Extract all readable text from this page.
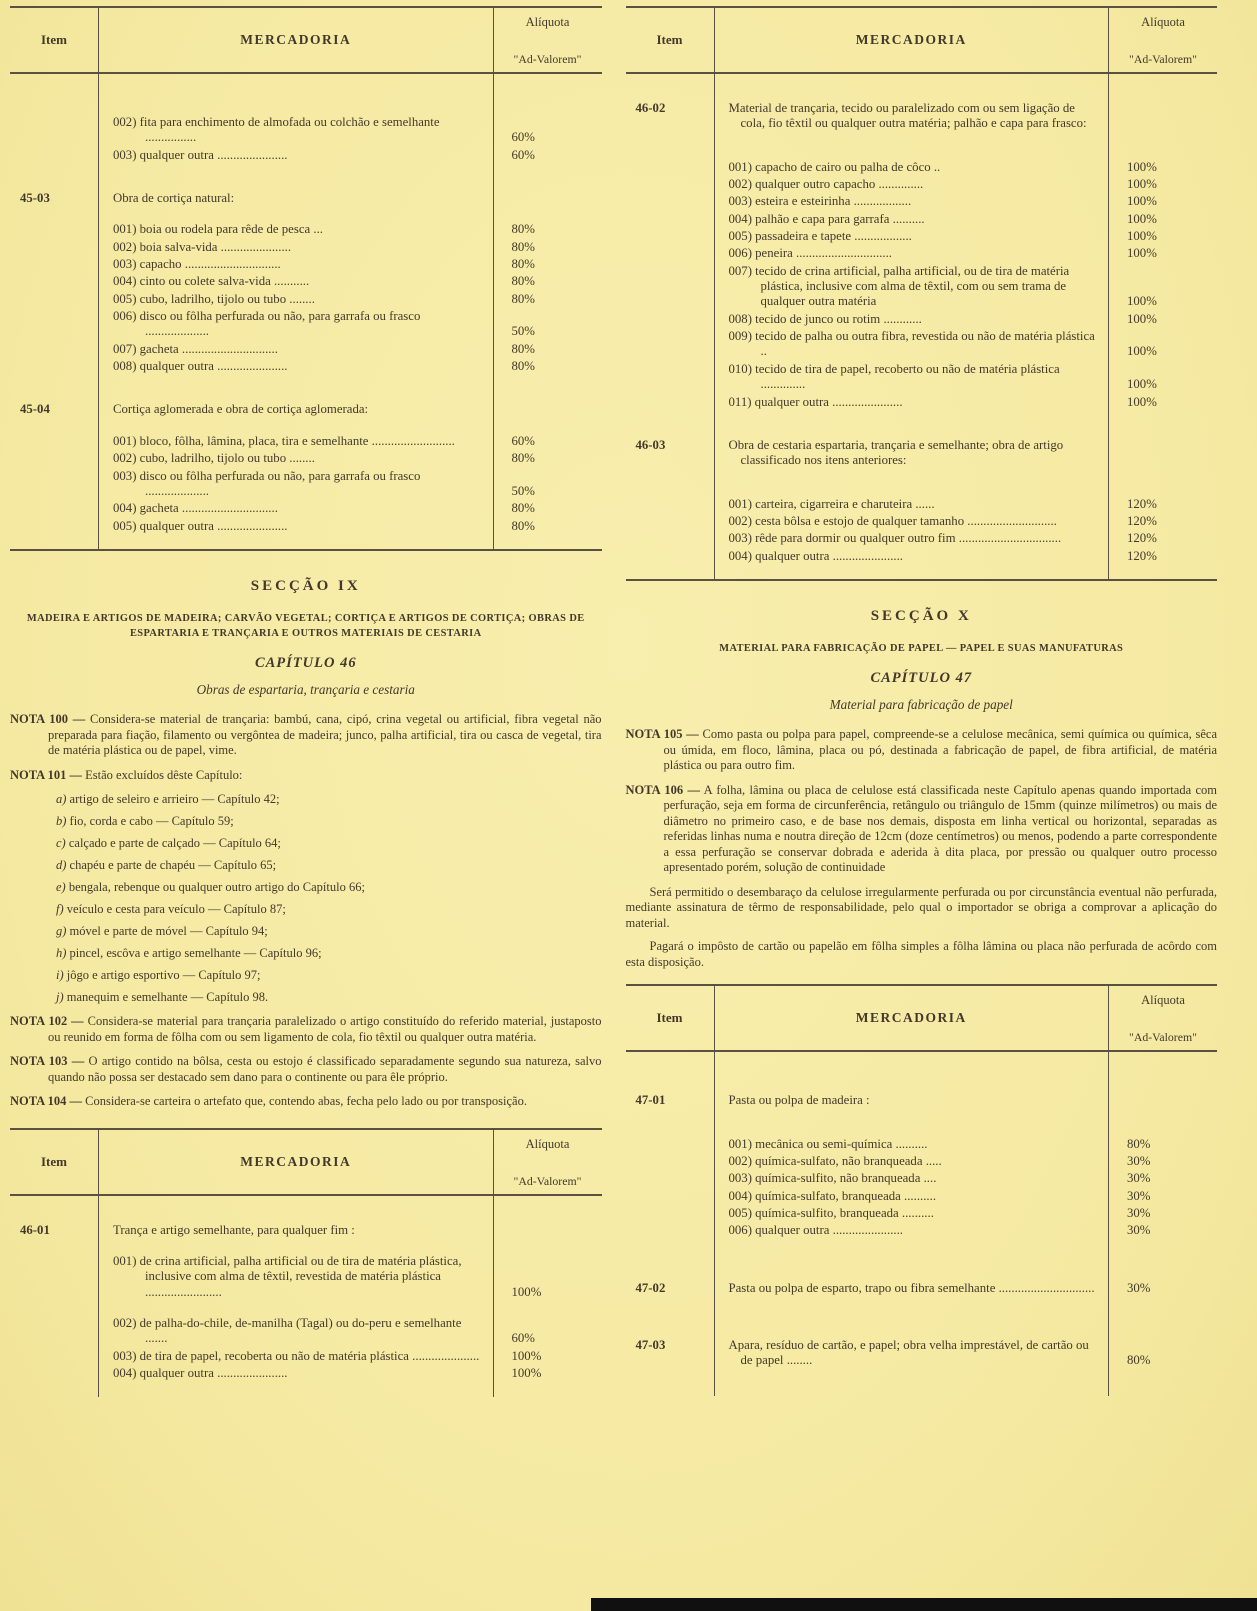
Item	MERCADORIA
Alíquota
"Ad-Valorem"
002) fita para enchimento de almofada ou colchão e semelhante ................	60%
003) qualquer outra ......................	60%
45-03	Obra de cortiça natural:
001) boia ou rodela para rêde de pesca ...	80%
002) boia salva-vida ......................	80%
003) capacho ..............................	80%
004) cinto ou colete salva-vida ...........	80%
005) cubo, ladrilho, tijolo ou tubo ........	80%
006) disco ou fôlha perfurada ou não, para garrafa ou frasco ....................	50%
007) gacheta ..............................	80%
008) qualquer outra ......................	80%
45-04	Cortiça aglomerada e obra de cortiça aglomerada:
001) bloco, fôlha, lâmina, placa, tira e semelhante ..........................	60%
002) cubo, ladrilho, tijolo ou tubo ........	80%
003) disco ou fôlha perfurada ou não, para garrafa ou frasco ....................	50%
004) gacheta ..............................	80%
005) qualquer outra ......................	80%
SECÇÃO IX
MADEIRA E ARTIGOS DE MADEIRA; CARVÃO VEGETAL; CORTIÇA E ARTIGOS DE CORTIÇA; OBRAS DE ESPARTARIA E TRANÇARIA E OUTROS MATERIAIS DE CESTARIA
CAPÍTULO 46
Obras de espartaria, trançaria e cestaria

NOTA 100 — Considera-se material de trançaria: bambú, cana, cipó, crina vegetal ou artificial, fibra vegetal não preparada para fiação, filamento ou vergôntea de madeira; junco, palha artificial, tira ou casca de vegetal, tira de matéria plástica ou de papel, vime.

NOTA 101 — Estão excluídos dêste Capítulo:

a) artigo de seleiro e arrieiro — Capítulo 42;
b) fio, corda e cabo — Capítulo 59;
c) calçado e parte de calçado — Capítulo 64;
d) chapéu e parte de chapéu — Capítulo 65;
e) bengala, rebenque ou qualquer outro artigo do Capítulo 66;
f) veículo e cesta para veículo — Capítulo 87;
g) móvel e parte de móvel — Capítulo 94;
h) pincel, escôva e artigo semelhante — Capítulo 96;
i) jôgo e artigo esportivo — Capítulo 97;
j) manequim e semelhante — Capítulo 98.

NOTA 102 — Considera-se material para trançaria paralelizado o artigo constituído do referido material, justaposto ou reunido em forma de fôlha com ou sem ligamento de cola, fio têxtil ou qualquer outra matéria.

NOTA 103 — O artigo contido na bôlsa, cesta ou estojo é classificado separadamente segundo sua natureza, salvo quando não possa ser destacado sem dano para o continente ou para êle próprio.

NOTA 104 — Considera-se carteira o artefato que, contendo abas, fecha pelo lado ou por transposição.

Item	MERCADORIA
Alíquota
"Ad-Valorem"
46-01	Trança e artigo semelhante, para qualquer fim :
001) de crina artificial, palha artificial ou de tira de matéria plástica, inclusive com alma de têxtil, revestida de matéria plástica ........................	100%
002) de palha-do-chile, de-manilha (Tagal) ou do-peru e semelhante .......	60%
003) de tira de papel, recoberta ou não de matéria plástica .....................	100%
004) qualquer outra ......................	100%
Item	MERCADORIA
Alíquota
"Ad-Valorem"
46-02	Material de trançaria, tecido ou paralelizado com ou sem ligação de cola, fio têxtil ou qualquer outra matéria; palhão e capa para frasco:
001) capacho de cairo ou palha de côco ..	100%
002) qualquer outro capacho ..............	100%
003) esteira e esteirinha ..................	100%
004) palhão e capa para garrafa ..........	100%
005) passadeira e tapete ..................	100%
006) peneira ..............................	100%
007) tecido de crina artificial, palha artificial, ou de tira de matéria plástica, inclusive com alma de têxtil, com ou sem trama de qualquer outra matéria	100%
008) tecido de junco ou rotim ............	100%
009) tecido de palha ou outra fibra, revestida ou não de matéria plástica ..	100%
010) tecido de tira de papel, recoberto ou não de matéria plástica ..............	100%
011) qualquer outra ......................	100%
46-03	Obra de cestaria espartaria, trançaria e semelhante; obra de artigo classificado nos itens anteriores:
001) carteira, cigarreira e charuteira ......	120%
002) cesta bôlsa e estojo de qualquer tamanho ............................	120%
003) rêde para dormir ou qualquer outro fim ................................	120%
004) qualquer outra ......................	120%
SECÇÃO X
MATERIAL PARA FABRICAÇÃO DE PAPEL — PAPEL E SUAS MANUFATURAS
CAPÍTULO 47
Material para fabricação de papel

NOTA 105 — Como pasta ou polpa para papel, compreende-se a celulose mecânica, semi química ou química, sêca ou úmida, em floco, lâmina, placa ou pó, destinada a fabricação de papel, de fibra artificial, de matéria plástica ou para outro fim.

NOTA 106 — A folha, lâmina ou placa de celulose está classificada neste Capítulo apenas quando importada com perfuração, seja em forma de circunferência, retângulo ou triângulo de 15mm (quinze milímetros) ou mais de diâmetro no primeiro caso, e de base nos demais, disposta em linha vertical ou horizontal, separadas as referidas linhas numa e noutra direção de 12cm (doze centímetros) ou menos, podendo a parte correspondente a essa perfuração se conservar dobrada e aderida à dita placa, por pressão ou qualquer outro processo apresentado porém, solução de continuidade

Será permitido o desembaraço da celulose irregularmente perfurada ou por circunstância eventual não perfurada, mediante assinatura de têrmo de responsabilidade, pelo qual o importador se obriga a comprovar a aplicação do material.

Pagará o impôsto de cartão ou papelão em fôlha simples a fôlha lâmina ou placa não perfurada de acôrdo com esta disposição.

Item	MERCADORIA
Alíquota
"Ad-Valorem"
47-01	Pasta ou polpa de madeira :
001) mecânica ou semi-química ..........	80%
002) química-sulfato, não branqueada .....	30%
003) química-sulfito, não branqueada ....	30%
004) química-sulfato, branqueada ..........	30%
005) química-sulfito, branqueada ..........	30%
006) qualquer outra ......................	30%
47-02	Pasta ou polpa de esparto, trapo ou fibra semelhante ..............................	30%
47-03	Apara, resíduo de cartão, e papel; obra velha imprestável, de cartão ou de papel ........	80%
